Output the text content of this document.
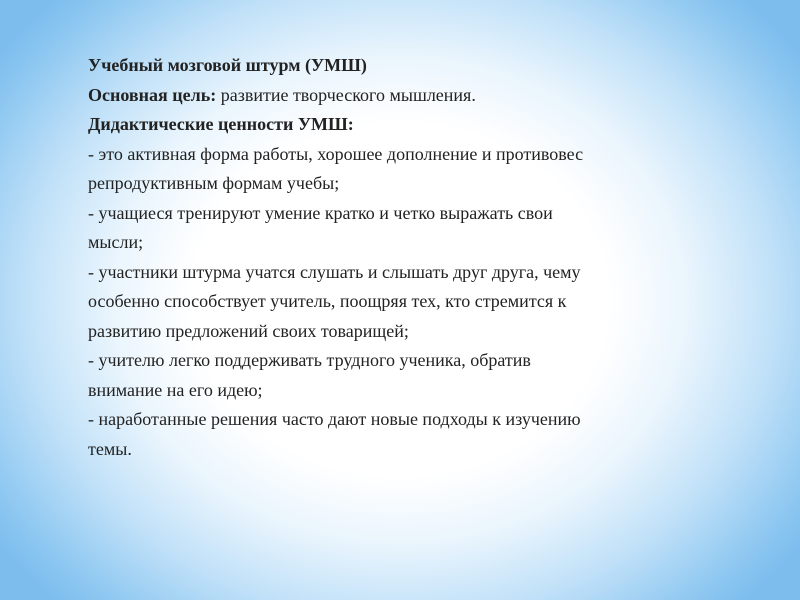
Учебный мозговой штурм (УМШ)
Основная цель: развитие творческого мышления.
Дидактические ценности УМШ:
- это активная форма работы, хорошее дополнение и противовес
репродуктивным формам учебы;
- учащиеся тренируют умение кратко и четко выражать свои
мысли;
- участники штурма учатся слушать и слышать друг друга, чему
особенно способствует учитель, поощряя тех, кто стремится к
развитию предложений своих товарищей;
- учителю легко поддерживать трудного ученика, обратив
внимание на его идею;
- наработанные решения часто дают новые подходы к изучению
темы.
